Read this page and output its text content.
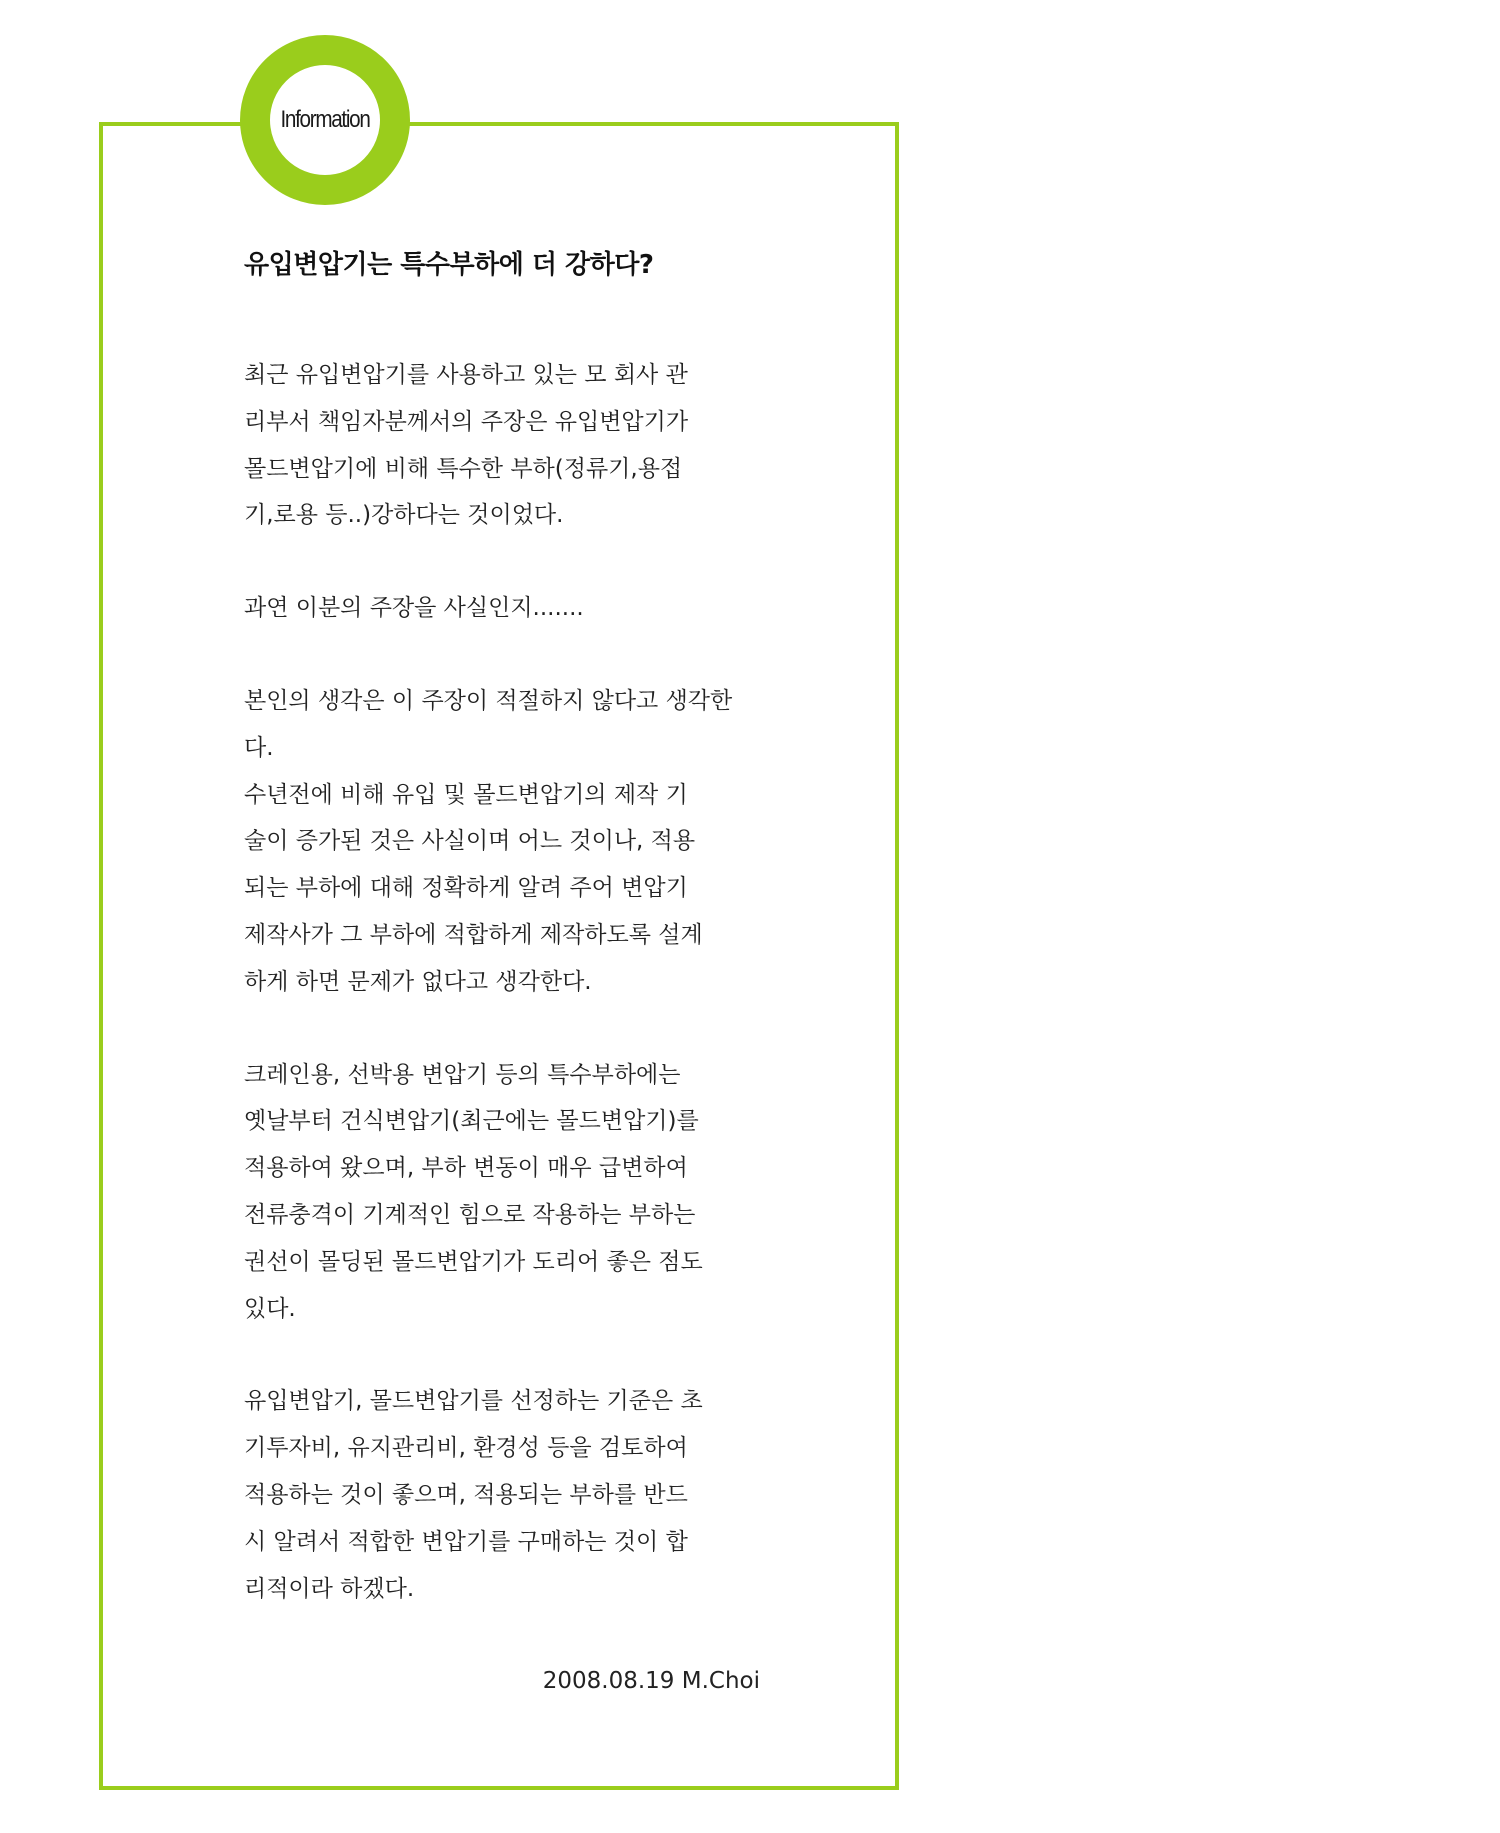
Information
유입변압기는 특수부하에 더 강하다?
최근 유입변압기를 사용하고 있는 모 회사 관
리부서 책임자분께서의 주장은 유입변압기가
몰드변압기에 비해 특수한 부하(정류기,용접
기,로용 등..)강하다는 것이었다.
과연 이분의 주장을 사실인지.......
본인의 생각은 이 주장이 적절하지 않다고 생각한
다.
수년전에 비해 유입 및 몰드변압기의 제작 기
술이 증가된 것은 사실이며 어느 것이나, 적용
되는 부하에 대해 정확하게 알려 주어 변압기
제작사가 그 부하에 적합하게 제작하도록 설계
하게 하면 문제가 없다고 생각한다.
크레인용, 선박용 변압기 등의 특수부하에는
옛날부터 건식변압기(최근에는 몰드변압기)를
적용하여 왔으며, 부하 변동이 매우 급변하여
전류충격이 기계적인 힘으로 작용하는 부하는
권선이 몰딩된 몰드변압기가 도리어 좋은 점도
있다.
유입변압기, 몰드변압기를 선정하는 기준은 초
기투자비, 유지관리비, 환경성 등을 검토하여
적용하는 것이 좋으며, 적용되는 부하를 반드
시 알려서 적합한 변압기를 구매하는 것이 합
리적이라 하겠다.

2008.08.19 M.Choi
